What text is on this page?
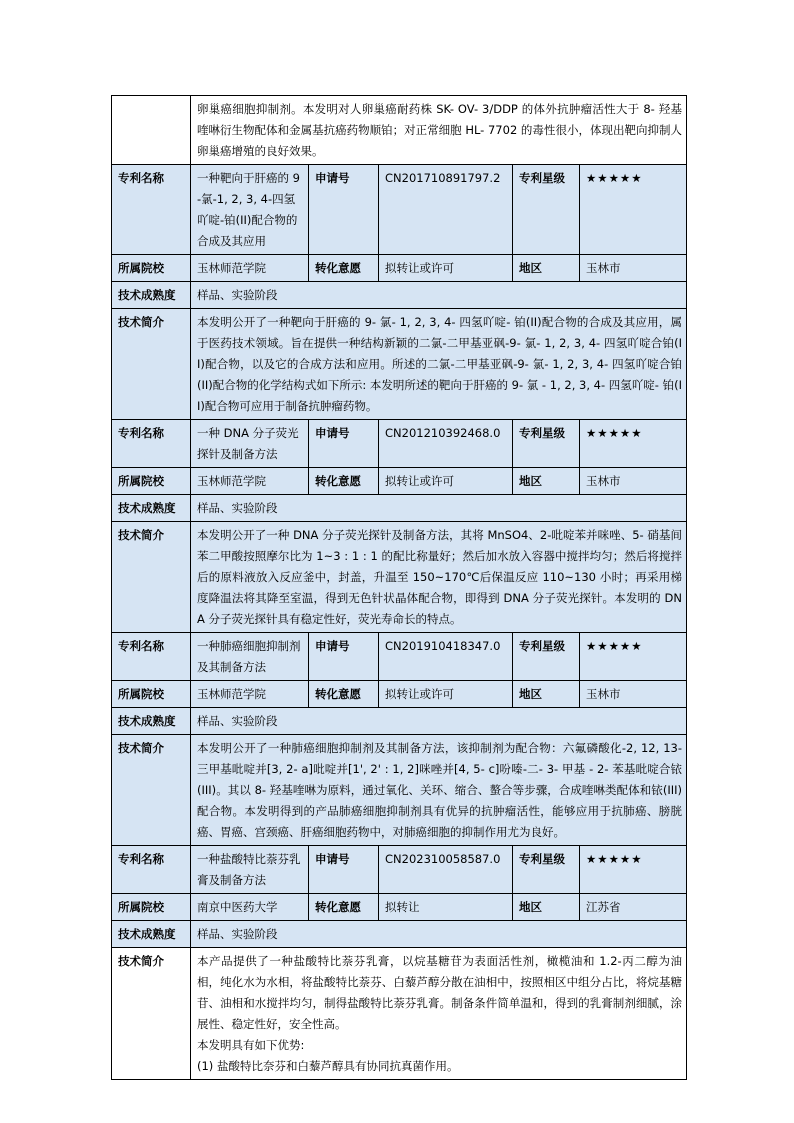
	卵巢癌细胞抑制剂。本发明对人卵巢癌耐药株 SK- OV- 3/DDP 的体外抗肿瘤活性大于 8- 羟基喹啉衍生物配体和金属基抗癌药物顺铂；对正常细胞 HL- 7702 的毒性很小，体现出靶向抑制人卵巢癌增殖的良好效果。				
专利名称	一种靶向于肝癌的 9-氯-1, 2, 3, 4-四氢吖啶-铂(II)配合物的合成及其应用	申请号	CN201710891797.2	专利星级	★★★★★
所属院校	玉林师范学院	转化意愿	拟转让或许可	地区	玉林市
技术成熟度	样品、实验阶段				
技术简介	本发明公开了一种靶向于肝癌的 9- 氯- 1, 2, 3, 4- 四氢吖啶- 铂(II)配合物的合成及其应用，属于医药技术领域。旨在提供一种结构新颖的二氯-二甲基亚砜-9- 氯- 1, 2, 3, 4- 四氢吖啶合铂(II)配合物，以及它的合成方法和应用。所述的二氯-二甲基亚砜-9- 氯- 1, 2, 3, 4- 四氢吖啶合铂(II)配合物的化学结构式如下所示: 本发明所述的靶向于肝癌的 9- 氯 - 1, 2, 3, 4- 四氢吖啶- 铂(II)配合物可应用于制备抗肿瘤药物。				
专利名称	一种 DNA 分子荧光探针及制备方法	申请号	CN201210392468.0	专利星级	★★★★★
所属院校	玉林师范学院	转化意愿	拟转让或许可	地区	玉林市
技术成熟度	样品、实验阶段				
技术简介	本发明公开了一种 DNA 分子荧光探针及制备方法，其将 MnSO4、2-吡啶苯并咪唑、5- 硝基间苯二甲酸按照摩尔比为 1~3 : 1 : 1 的配比称量好；然后加水放入容器中搅拌均匀；然后将搅拌后的原料液放入反应釜中，封盖，升温至 150~170℃后保温反应 110~130 小时；再采用梯度降温法将其降至室温，得到无色针状晶体配合物，即得到 DNA 分子荧光探针。本发明的 DNA 分子荧光探针具有稳定性好，荧光寿命长的特点。				
专利名称	一种肺癌细胞抑制剂及其制备方法	申请号	CN201910418347.0	专利星级	★★★★★
所属院校	玉林师范学院	转化意愿	拟转让或许可	地区	玉林市
技术成熟度	样品、实验阶段				
技术简介	本发明公开了一种肺癌细胞抑制剂及其制备方法，该抑制剂为配合物：六氟磷酸化-2, 12, 13- 三甲基吡啶并[3, 2- a]吡啶并[1', 2' : 1, 2]咪唑并[4, 5- c]吩嗪-二- 3- 甲基 - 2- 苯基吡啶合铱(III)。其以 8- 羟基喹啉为原料，通过氧化、关环、缩合、螯合等步骤，合成喹啉类配体和铱(III)配合物。本发明得到的产品肺癌细胞抑制剂具有优异的抗肿瘤活性，能够应用于抗肺癌、膀胱癌、胃癌、宫颈癌、肝癌细胞药物中，对肺癌细胞的抑制作用尤为良好。				
专利名称	一种盐酸特比萘芬乳膏及制备方法	申请号	CN202310058587.0	专利星级	★★★★★
所属院校	南京中医药大学	转化意愿	拟转让	地区	江苏省
技术成熟度	样品、实验阶段				
技术简介	本产品提供了一种盐酸特比萘芬乳膏，以烷基糖苷为表面活性剂，橄榄油和 1.2-丙二醇为油相，纯化水为水相，将盐酸特比萘芬、白藜芦醇分散在油相中，按照相区中组分占比，将烷基糖苷、油相和水搅拌均匀，制得盐酸特比萘芬乳膏。制备条件简单温和，得到的乳膏制剂细腻，涂展性、稳定性好，安全性高。
本发明具有如下优势:
(1) 盐酸特比奈芬和白藜芦醇具有协同抗真菌作用。				
